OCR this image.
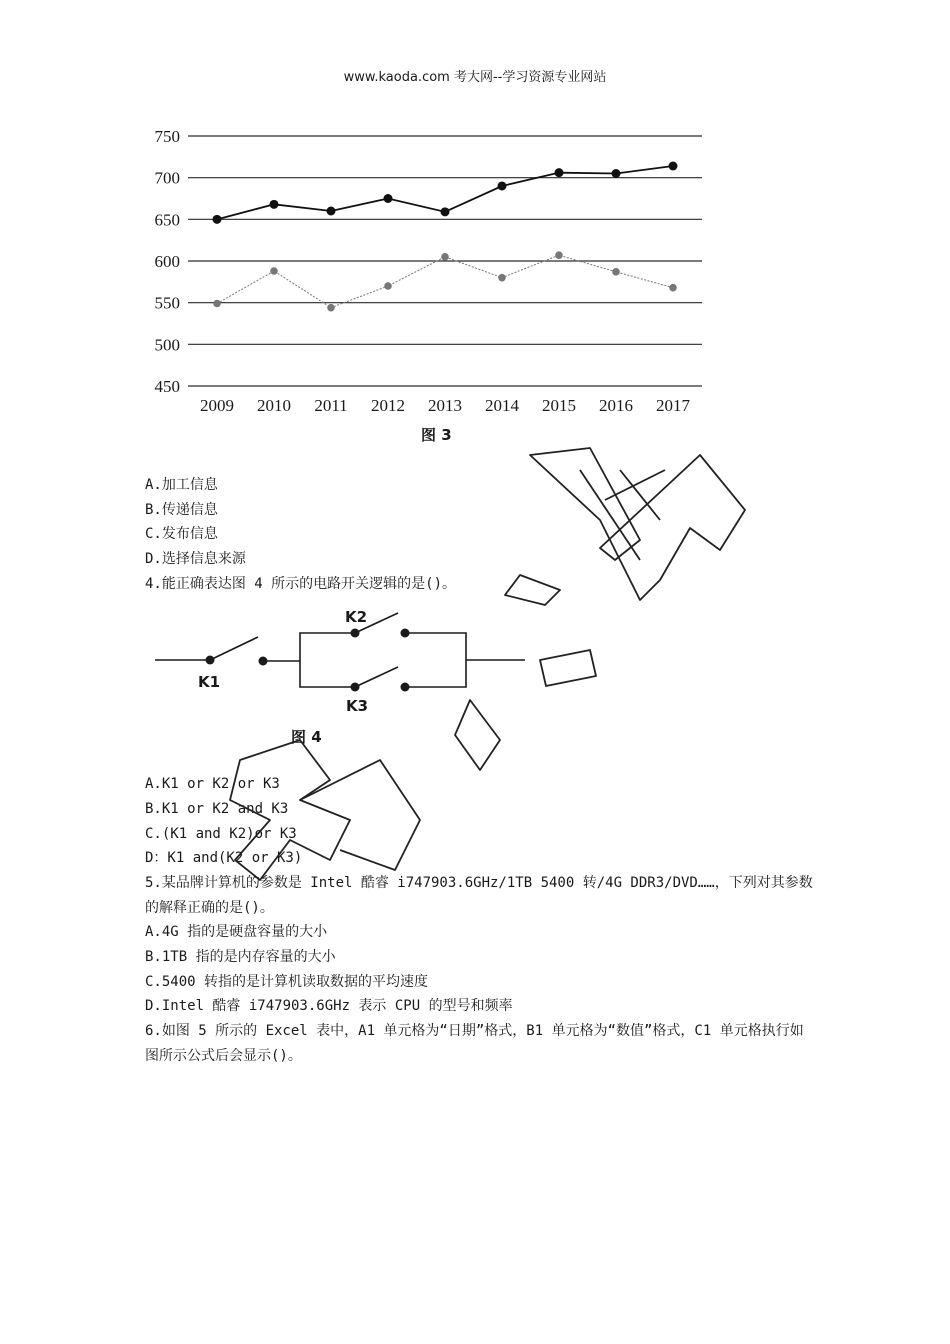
www.kaoda.com 考大网--学习资源专业网站
750
700
650
600
550
500
450
2009 2010 2011 2012 2013 2014 2015 2016 2017
图 3
A.加工信息
B.传递信息
C.发布信息
D.选择信息来源
4.能正确表达图 4 所示的电路开关逻辑的是()。
K1
K2
K3
图 4
A.K1 or K2 or K3
B.K1 or K2 and K3
C.(K1 and K2)or K3
D：K1 and(K2 or K3)
5.某品牌计算机的参数是 Intel 酷睿 i747903.6GHz/1TB 5400 转/4G DDR3/DVD……，下列对其参数的解释正确的是()。
A.4G 指的是硬盘容量的大小
B.1TB 指的是内存容量的大小
C.5400 转指的是计算机读取数据的平均速度
D.Intel 酷睿 i747903.6GHz 表示 CPU 的型号和频率
6.如图 5 所示的 Excel 表中，A1 单元格为“日期”格式，B1 单元格为“数值”格式，C1 单元格执行如图所示公式后会显示()。
